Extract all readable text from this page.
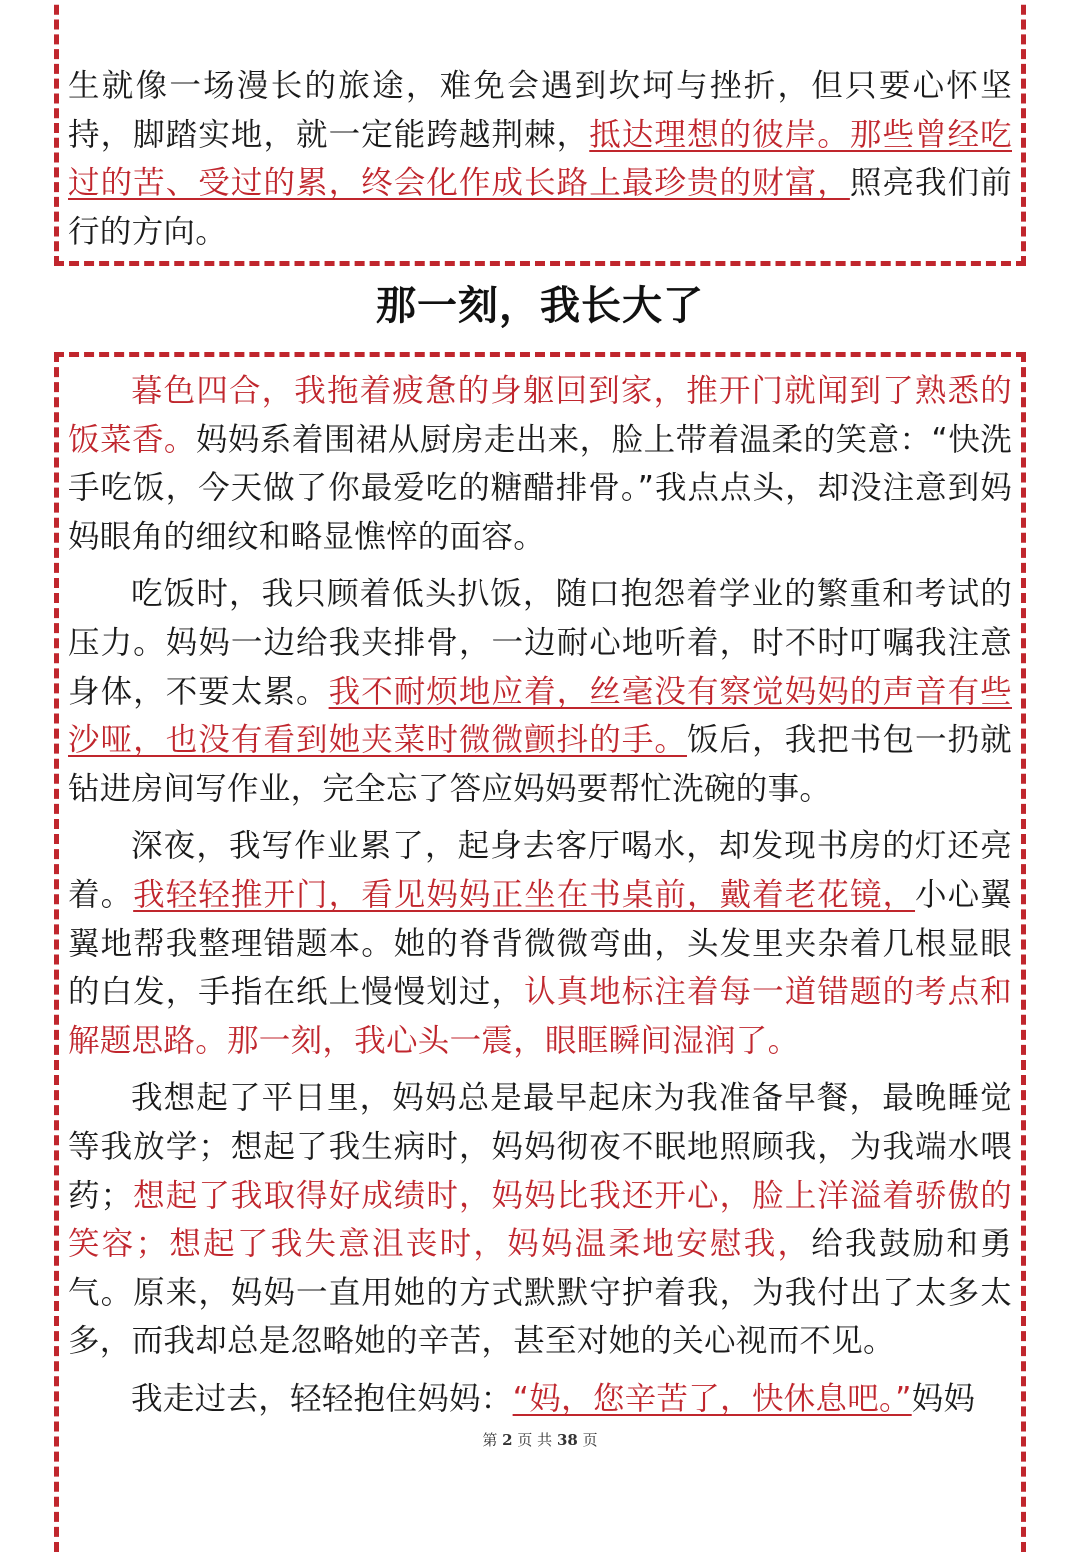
生就像一场漫长的旅途，难免会遇到坎坷与挫折，但只要心怀坚持，脚踏实地，就一定能跨越荆棘，抵达理想的彼岸。那些曾经吃过的苦、受过的累，终会化作成长路上最珍贵的财富，照亮我们前行的方向。

那一刻，我长大了

暮色四合，我拖着疲惫的身躯回到家，推开门就闻到了熟悉的饭菜香。妈妈系着围裙从厨房走出来，脸上带着温柔的笑意：“快洗手吃饭，今天做了你最爱吃的糖醋排骨。”我点点头，却没注意到妈妈眼角的细纹和略显憔悴的面容。

吃饭时，我只顾着低头扒饭，随口抱怨着学业的繁重和考试的压力。妈妈一边给我夹排骨，一边耐心地听着，时不时叮嘱我注意身体，不要太累。我不耐烦地应着，丝毫没有察觉妈妈的声音有些沙哑，也没有看到她夹菜时微微颤抖的手。饭后，我把书包一扔就钻进房间写作业，完全忘了答应妈妈要帮忙洗碗的事。

深夜，我写作业累了，起身去客厅喝水，却发现书房的灯还亮着。我轻轻推开门，看见妈妈正坐在书桌前，戴着老花镜，小心翼翼地帮我整理错题本。她的脊背微微弯曲，头发里夹杂着几根显眼的白发，手指在纸上慢慢划过，认真地标注着每一道错题的考点和解题思路。那一刻，我心头一震，眼眶瞬间湿润了。

我想起了平日里，妈妈总是最早起床为我准备早餐，最晚睡觉等我放学；想起了我生病时，妈妈彻夜不眠地照顾我，为我端水喂药；想起了我取得好成绩时，妈妈比我还开心，脸上洋溢着骄傲的笑容；想起了我失意沮丧时，妈妈温柔地安慰我，给我鼓励和勇气。原来，妈妈一直用她的方式默默守护着我，为我付出了太多太多，而我却总是忽略她的辛苦，甚至对她的关心视而不见。

我走过去，轻轻抱住妈妈：“妈，您辛苦了，快休息吧。”妈妈

第 2 页 共 38 页
